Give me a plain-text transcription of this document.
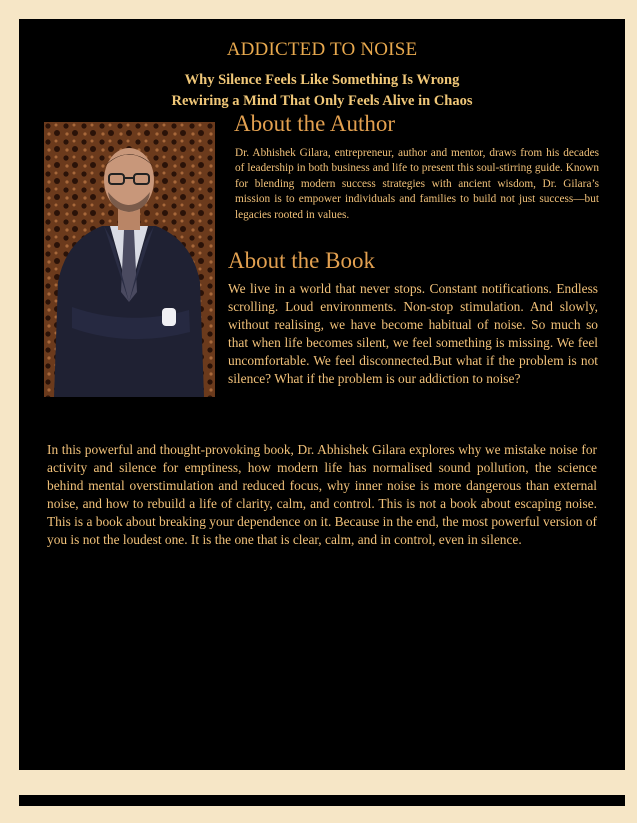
ADDICTED TO NOISE
Why Silence Feels Like Something Is Wrong
Rewiring a Mind That Only Feels Alive in Chaos
About the Author

Dr. Abhishek Gilara, entrepreneur, author and mentor, draws from his decades of leadership in both business and life to present this soul-stirring guide. Known for blending modern success strategies with ancient wisdom, Dr. Gilara’s mission is to empower individuals and families to build not just success—but legacies rooted in values.

About the Book

We live in a world that never stops. Constant notifications. Endless scrolling. Loud environments. Non-stop stimulation. And slowly, without realising, we have become habitual of noise. So much so that when life becomes silent, we feel something is missing. We feel uncomfortable. We feel disconnected.But what if the problem is not silence? What if the problem is our addiction to noise?

In this powerful and thought-provoking book, Dr. Abhishek Gilara explores why we mistake noise for activity and silence for emptiness, how modern life has normalised sound pollution, the science behind mental overstimulation and reduced focus, why inner noise is more dangerous than external noise, and how to rebuild a life of clarity, calm, and control. This is not a book about escaping noise. This is a book about breaking your dependence on it. Because in the end, the most powerful version of you is not the loudest one. It is the one that is clear, calm, and in control, even in silence.
